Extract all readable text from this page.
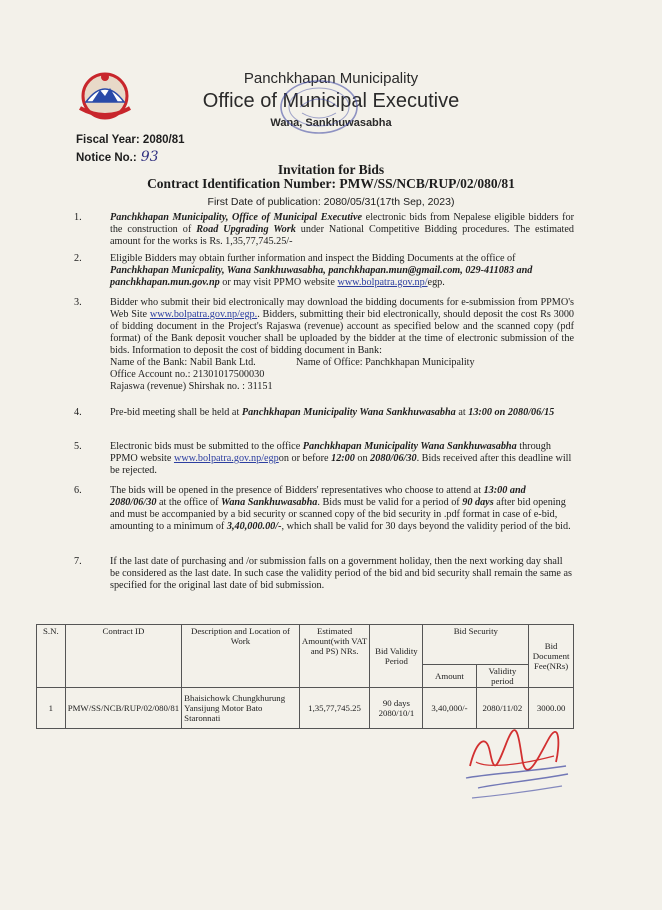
Panchkhapan Municipality
Office of Municipal Executive
Wana, Sankhuwasabha
Fiscal Year: 2080/81
Notice No.: 93
Invitation for Bids
Contract Identification Number: PMW/SS/NCB/RUP/02/080/81
First Date of publication: 2080/05/31(17th Sep, 2023)
1.	Panchkhapan Municipality, Office of Municipal Executive electronic bids from Nepalese eligible bidders for the construction of Road Upgrading Work under National Competitive Bidding procedures. The estimated amount for the works is Rs. 1,35,77,745.25/-
2.	Eligible Bidders may obtain further information and inspect the Bidding Documents at the office of Panchkhapan Municpality, Wana Sankhuwasabha, panchkhapan.mun@gmail.com, 029-411083 and panchkhapan.mun.gov.np or may visit PPMO website www.bolpatra.gov.np/egp.
3.	Bidder who submit their bid electronically may download the bidding documents for e-submission from PPMO's Web Site www.bolpatra.gov.np/egp.. Bidders, submitting their bid electronically, should deposit the cost Rs 3000 of bidding document in the Project's Rajaswa (revenue) account as specified below and the scanned copy (pdf format) of the Bank deposit voucher shall be uploaded by the bidder at the time of electronic submission of the bids. Information to deposit the cost of bidding document in Bank:
Name of the Bank: Nabil Bank Ltd.	Name of Office: Panchkhapan Municipality
Office Account no.: 21301017500030
Rajaswa (revenue) Shirshak no. : 31151
4.	Pre-bid meeting shall be held at Panchkhapan Municipality Wana Sankhuwasabha at 13:00 on 2080/06/15
5.	Electronic bids must be submitted to the office Panchkhapan Municipality Wana Sankhuwasabha through PPMO website www.bolpatra.gov.np/egpon or before 12:00 on 2080/06/30. Bids received after this deadline will be rejected.
6.	The bids will be opened in the presence of Bidders' representatives who choose to attend at 13:00 and 2080/06/30 at the office of Wana Sankhuwasabha. Bids must be valid for a period of 90 days after bid opening and must be accompanied by a bid security or scanned copy of the bid security in .pdf format in case of e-bid, amounting to a minimum of 3,40,000.00/-, which shall be valid for 30 days beyond the validity period of the bid.
7.	If the last date of purchasing and /or submission falls on a government holiday, then the next working day shall be considered as the last date. In such case the validity period of the bid and bid security shall remain the same as specified for the original last date of bid submission.
S.N.	Contract ID	Description and Location of Work	Estimated Amount(with VAT and PS) NRs.	Bid Validity Period	Bid Security		Bid Document Fee(NRs)
					Amount	Validity period	
1	PMW/SS/NCB/RUP/02/080/81	Bhaisichowk Chungkhurung Yansijung Motor Bato Staronnati	1,35,77,745.25	90 days 2080/10/1	3,40,000/-	2080/11/02	3000.00
